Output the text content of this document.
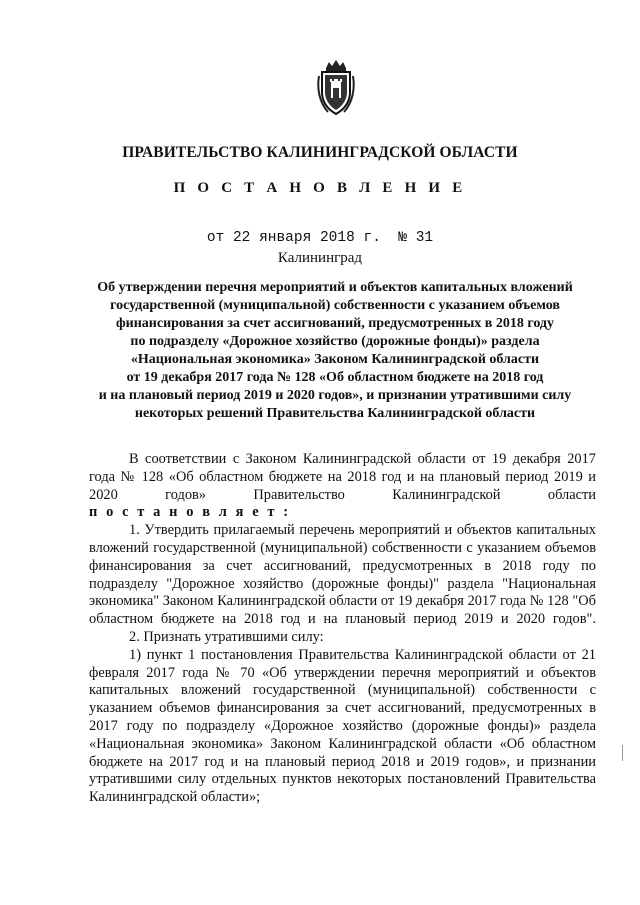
ПРАВИТЕЛЬСТВО КАЛИНИНГРАДСКОЙ ОБЛАСТИ
П О С Т А Н О В Л Е Н И Е
от 22 января 2018 г. № 31
Калининград
Об утверждении перечня мероприятий и объектов капитальных вложений
государственной (муниципальной) собственности с указанием объемов
финансирования за счет ассигнований, предусмотренных в 2018 году
по подразделу «Дорожное хозяйство (дорожные фонды)» раздела
«Национальная экономика» Законом Калининградской области
от 19 декабря 2017 года № 128 «Об областном бюджете на 2018 год
и на плановый период 2019 и 2020 годов», и признании утратившими силу
некоторых решений Правительства Калининградской области

В соответствии с Законом Калининградской области от 19 декабря 2017 года № 128 «Об областном бюджете на 2018 год и на плановый период 2019 и 2020 годов» Правительство Калининградской области

п о с т а н о в л я е т :

1. Утвердить прилагаемый перечень мероприятий и объектов капитальных вложений государственной (муниципальной) собственности с указанием объемов финансирования за счет ассигнований, предусмотренных в 2018 году по подразделу "Дорожное хозяйство (дорожные фонды)" раздела "Национальная экономика" Законом Калининградской области от 19 декабря 2017 года № 128 "Об областном бюджете на 2018 год и на плановый период 2019 и 2020 годов".

2. Признать утратившими силу:

1) пункт 1 постановления Правительства Калининградской области от 21 февраля 2017 года № 70 «Об утверждении перечня мероприятий и объектов капитальных вложений государственной (муниципальной) собственности с указанием объемов финансирования за счет ассигнований, предусмотренных в 2017 году по подразделу «Дорожное хозяйство (дорожные фонды)» раздела «Национальная экономика» Законом Калининградской области «Об областном бюджете на 2017 год и на плановый период 2018 и 2019 годов», и признании утратившими силу отдельных пунктов некоторых постановлений Правительства Калининградской области»;
